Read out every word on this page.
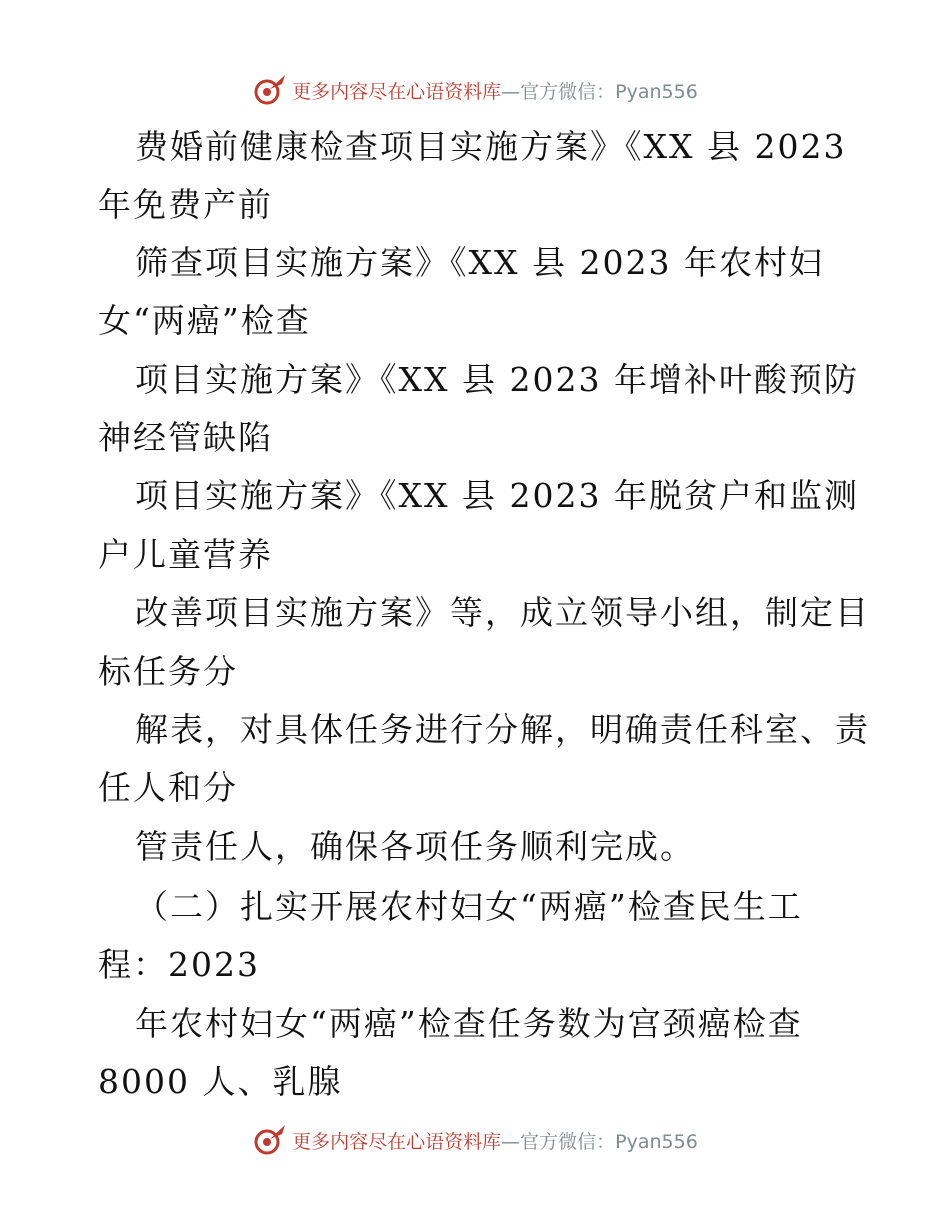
更多内容尽在心语资料库 —官方微信：Pyan556
费婚前健康检查项目实施方案》《XX 县 2023
年免费产前
筛查项目实施方案》《XX 县 2023 年农村妇
女“两癌”检查
项目实施方案》《XX 县 2023 年增补叶酸预防
神经管缺陷
项目实施方案》《XX 县 2023 年脱贫户和监测
户儿童营养
改善项目实施方案》等，成立领导小组，制定目
标任务分
解表，对具体任务进行分解，明确责任科室、责
任人和分
管责任人，确保各项任务顺利完成。
（二）扎实开展农村妇女“两癌”检查民生工
程：2023
年农村妇女“两癌”检查任务数为宫颈癌检查
8000 人、乳腺
更多内容尽在心语资料库 —官方微信：Pyan556
